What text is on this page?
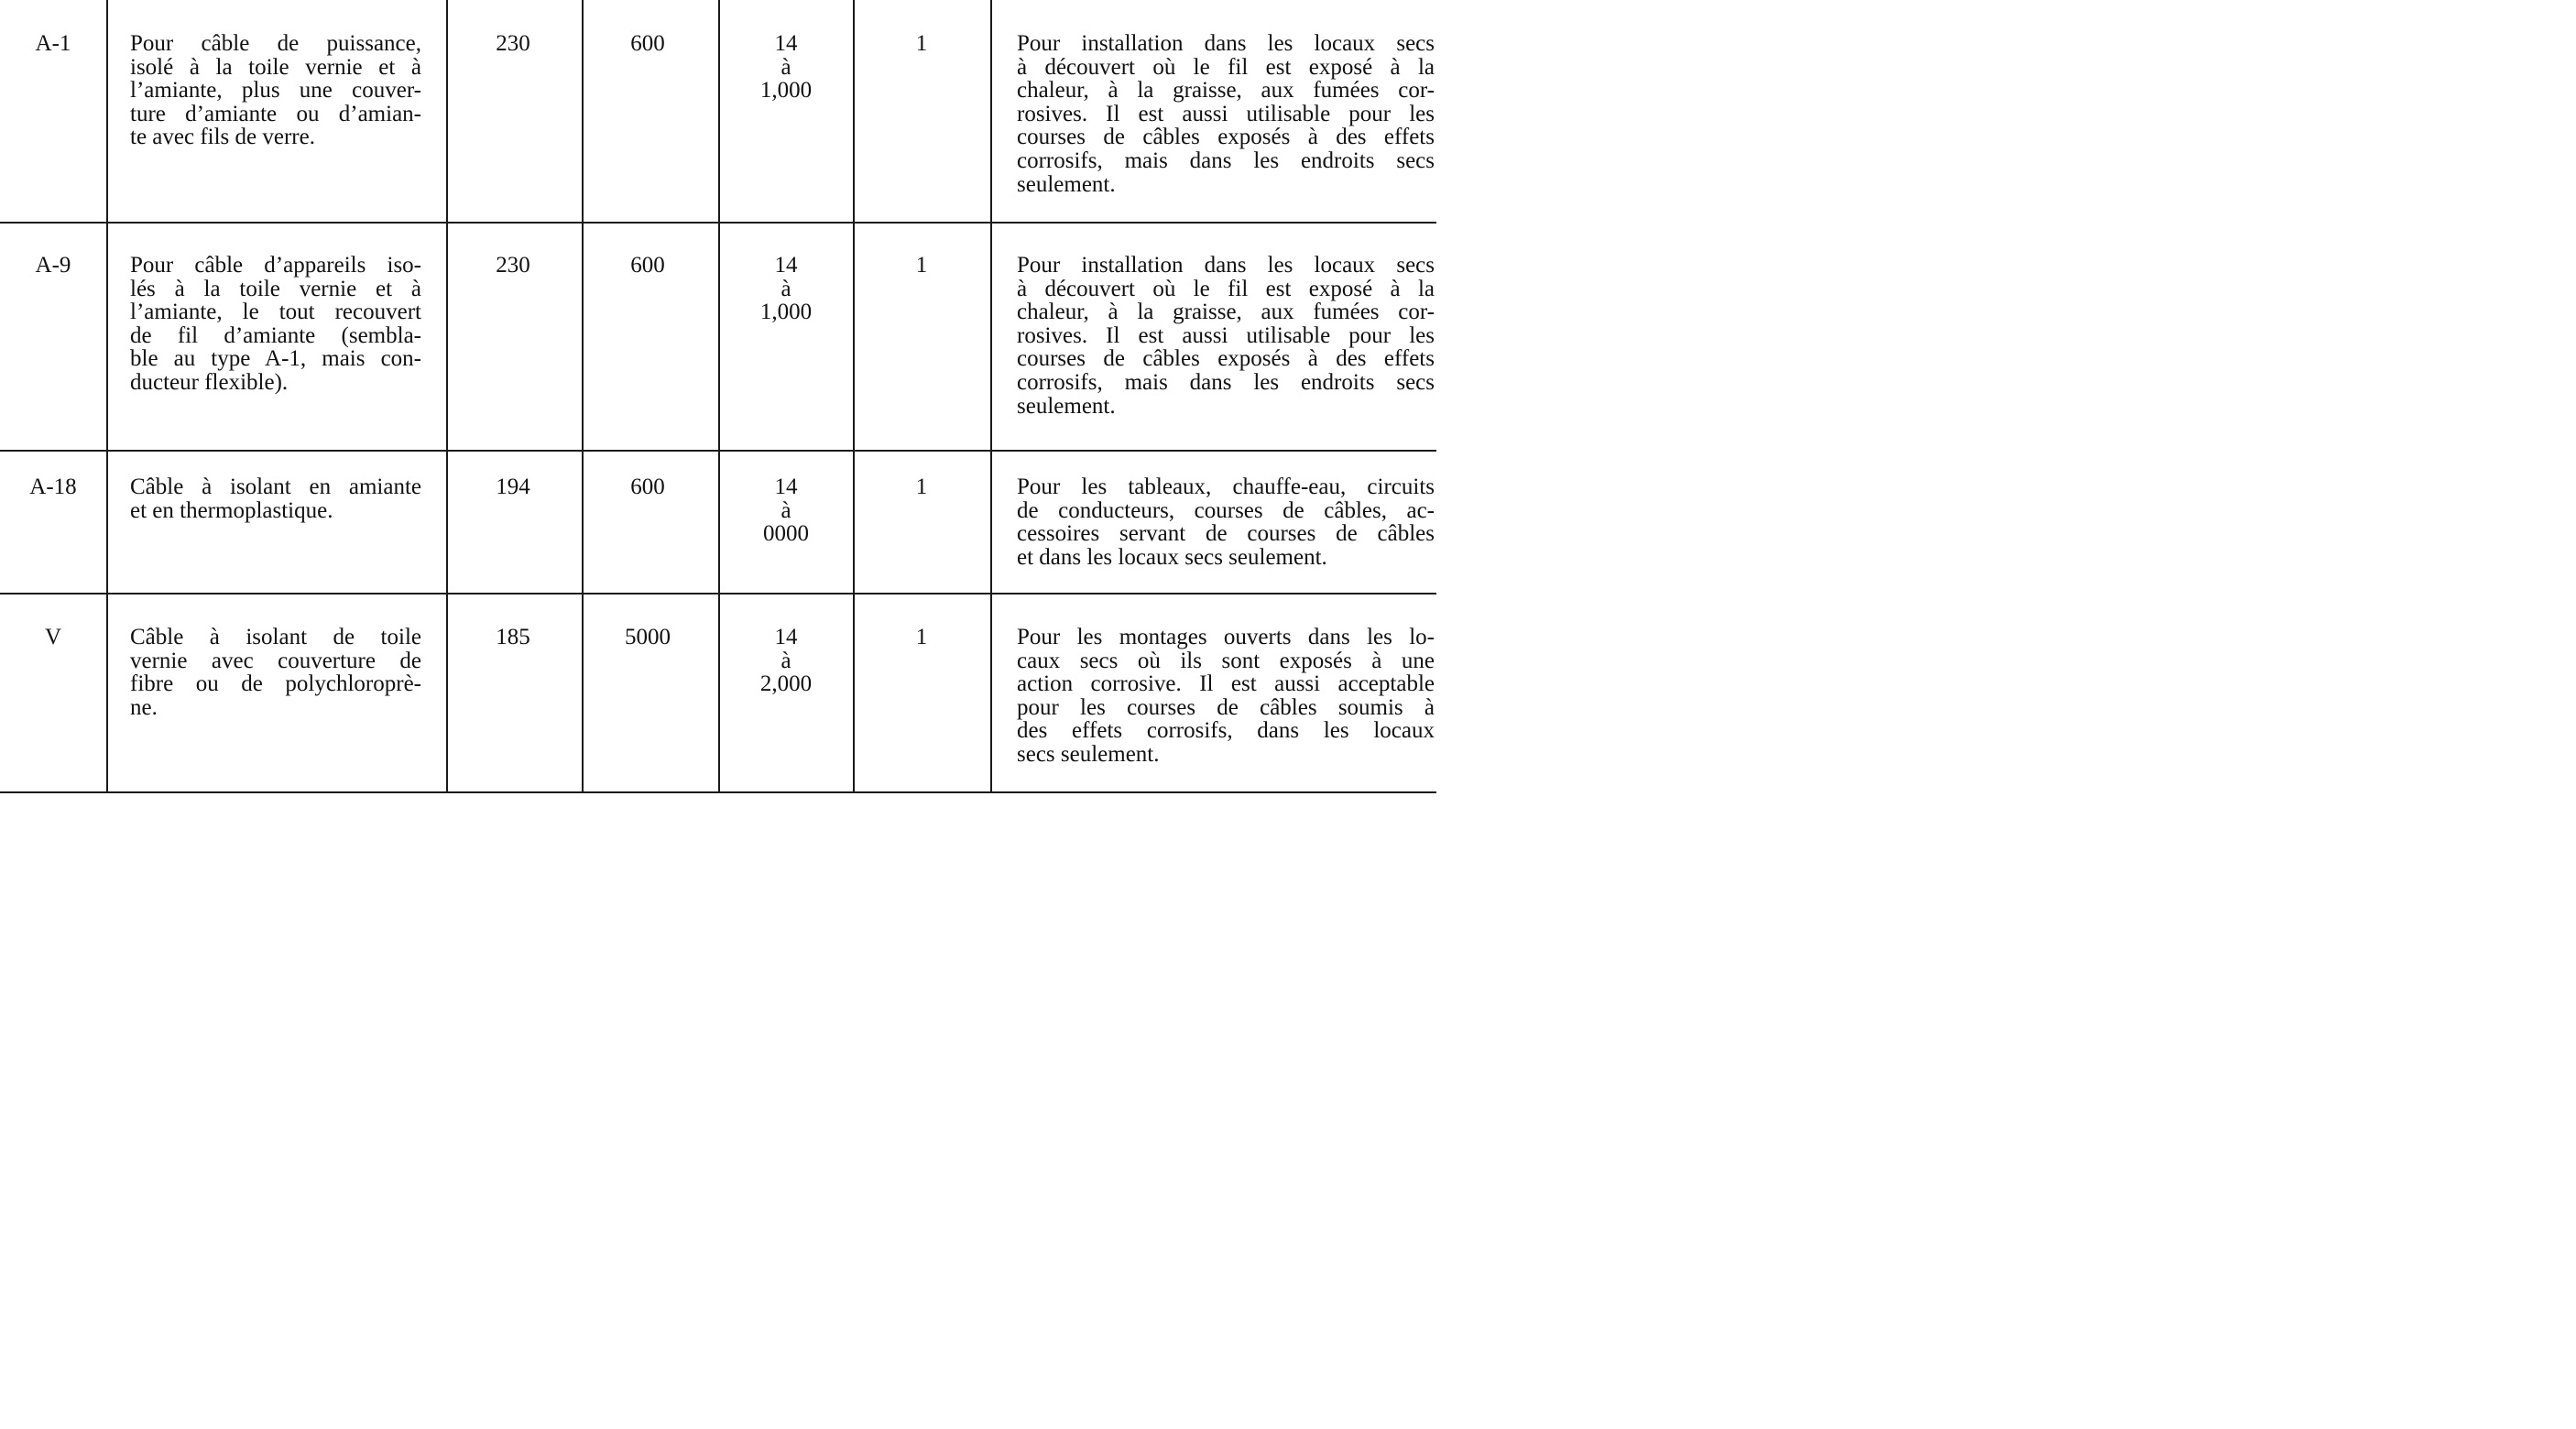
A-1	Pour câble de puissance,
isolé à la toile vernie et à
l’amiante, plus une couver-
ture d’amiante ou d’amian-
te avec fils de verre.
230	600	14
à
1,000
1	Pour installation dans les locaux secs
à découvert où le fil est exposé à la
chaleur, à la graisse, aux fumées cor-
rosives. Il est aussi utilisable pour les
courses de câbles exposés à des effets
corrosifs, mais dans les endroits secs
seulement.
A-9	Pour câble d’appareils iso-
lés à la toile vernie et à
l’amiante, le tout recouvert
de fil d’amiante (sembla-
ble au type A-1, mais con-
ducteur flexible).
230	600	14
à
1,000
1	Pour installation dans les locaux secs
à découvert où le fil est exposé à la
chaleur, à la graisse, aux fumées cor-
rosives. Il est aussi utilisable pour les
courses de câbles exposés à des effets
corrosifs, mais dans les endroits secs
seulement.
A-18	Câble à isolant en amiante
et en thermoplastique.
194	600	14
à
0000
1	Pour les tableaux, chauffe-eau, circuits
de conducteurs, courses de câbles, ac-
cessoires servant de courses de câbles
et dans les locaux secs seulement.
V	Câble à isolant de toile
vernie avec couverture de
fibre ou de polychloroprè-
ne.
185	5000	14
à
2,000
1	Pour les montages ouverts dans les lo-
caux secs où ils sont exposés à une
action corrosive. Il est aussi acceptable
pour les courses de câbles soumis à
des effets corrosifs, dans les locaux
secs seulement.
